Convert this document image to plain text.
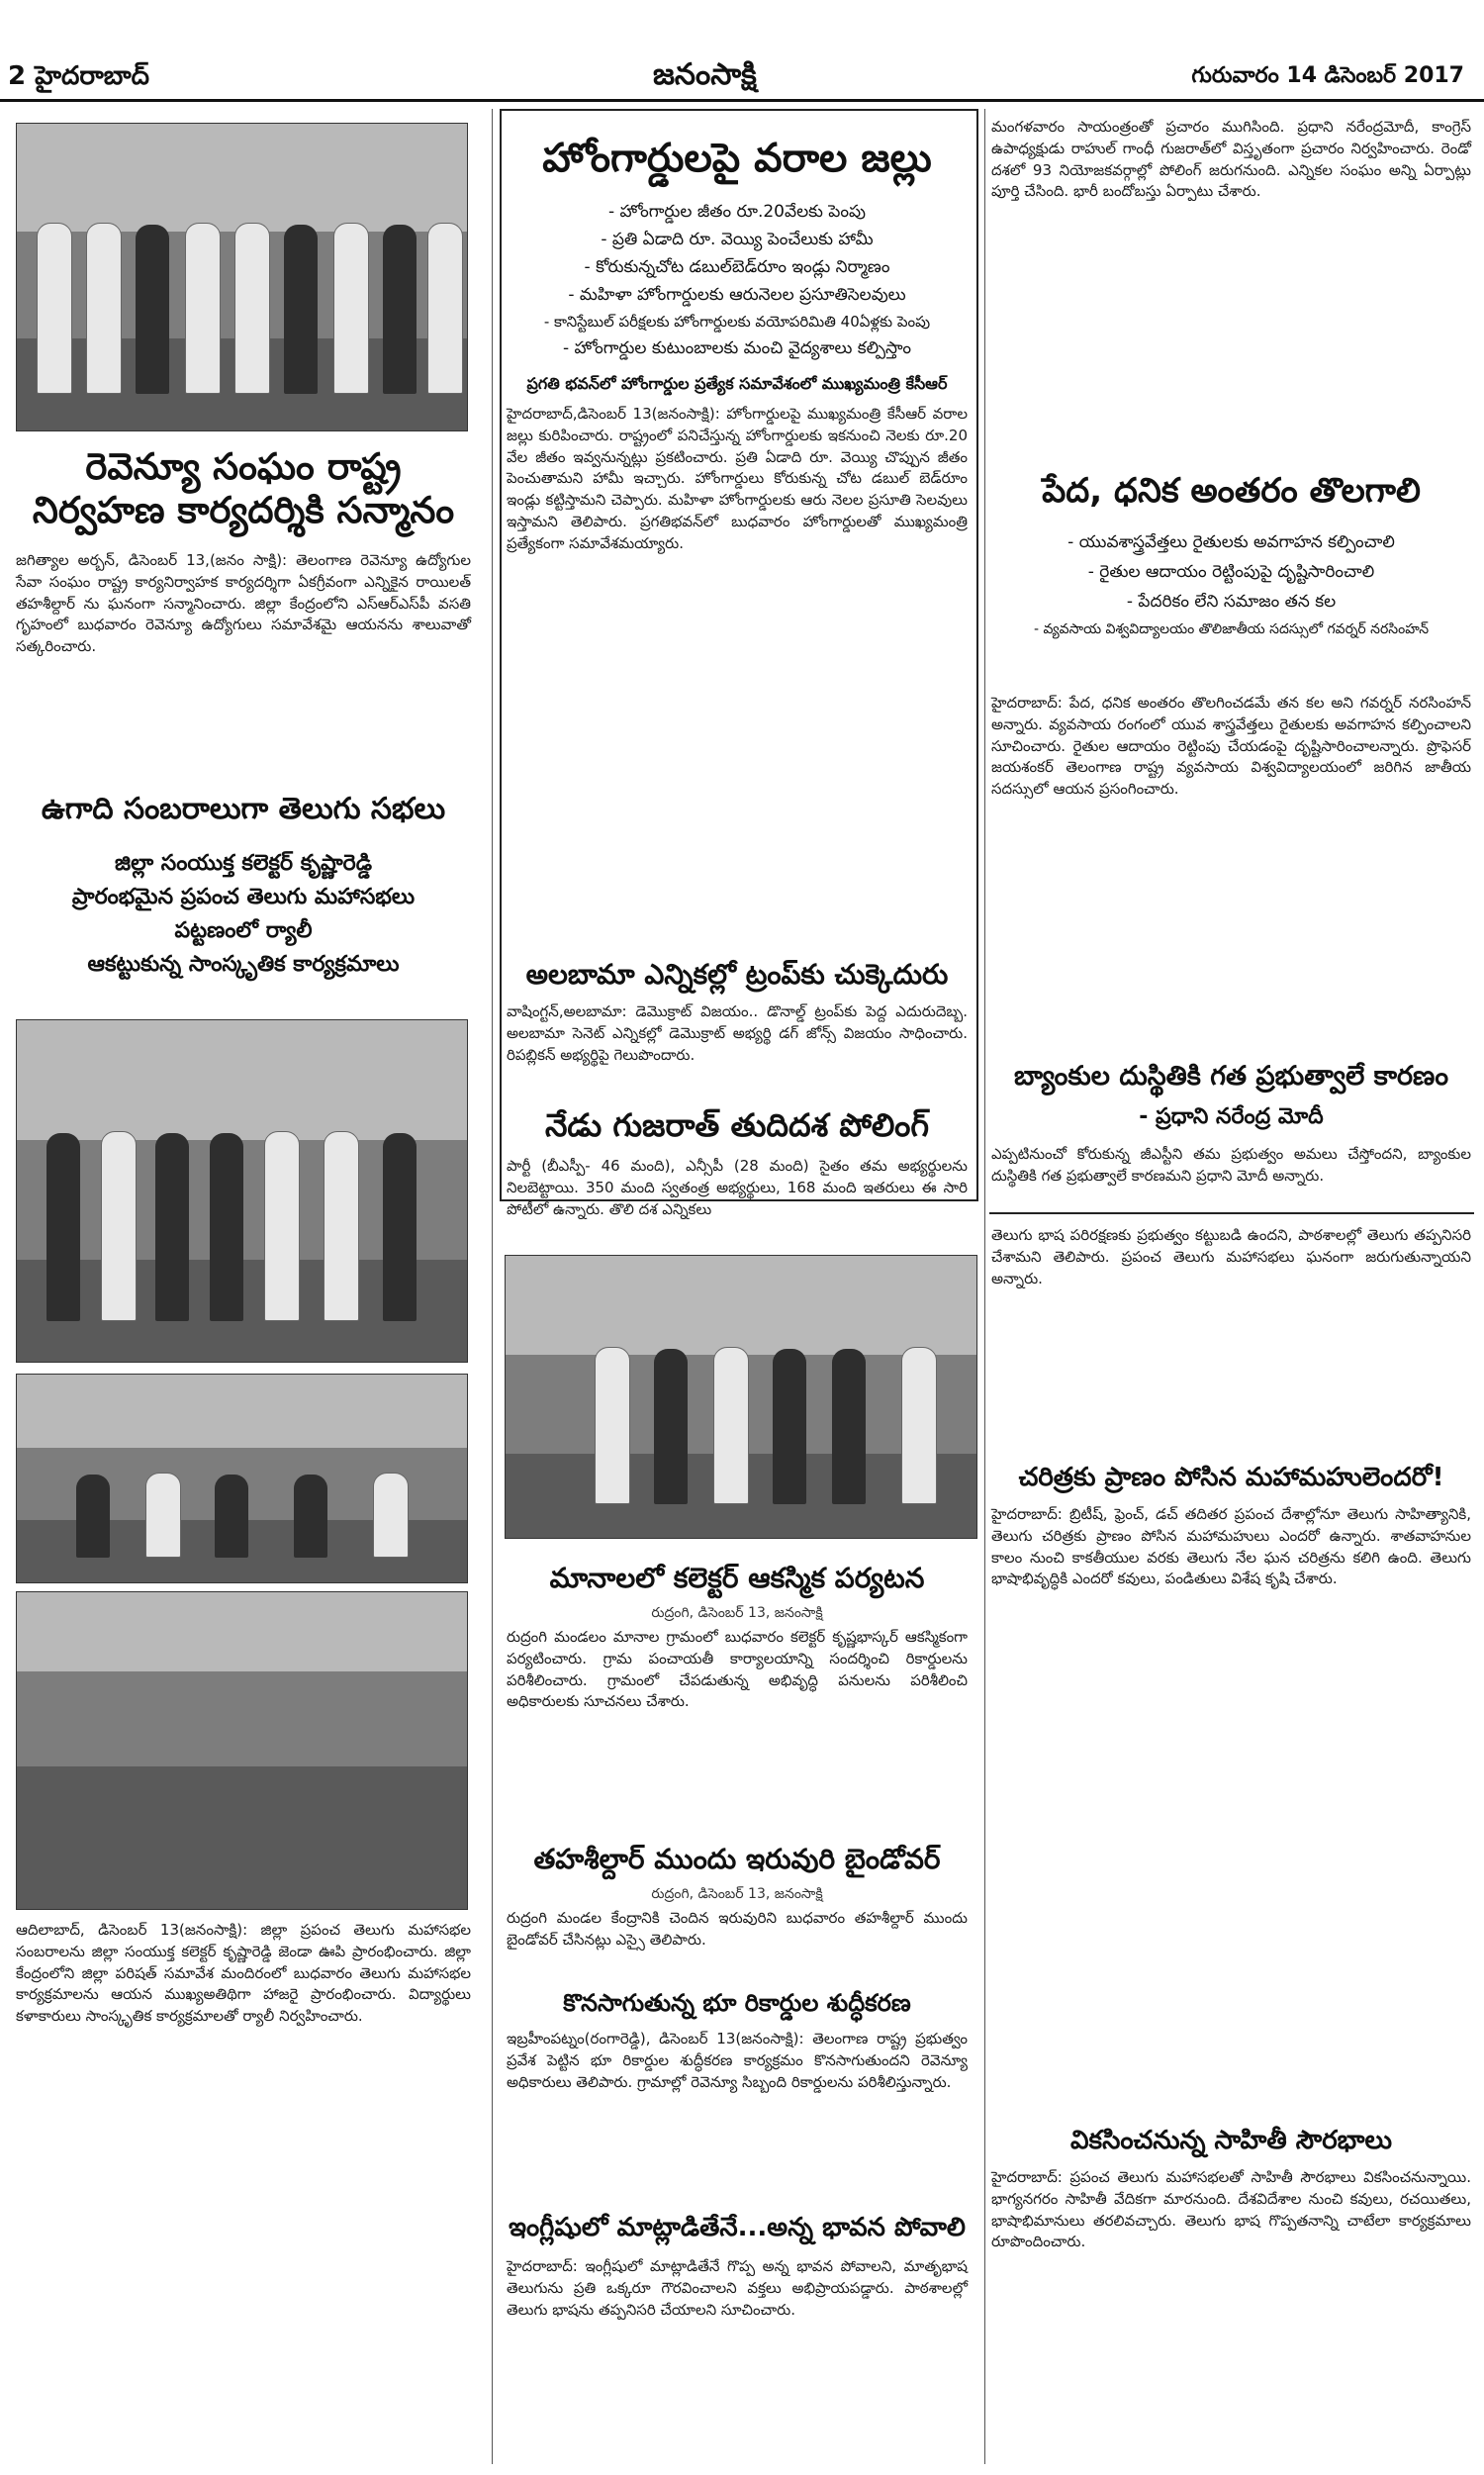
2 హైదరాబాద్	జనంసాక్షి	గురువారం 14 డిసెంబర్ 2017
రెవెన్యూ సంఘం రాష్ట్ర
నిర్వహణ కార్యదర్శికి సన్మానం
జగిత్యాల అర్బన్, డిసెంబర్ 13,(జనం సాక్షి): తెలంగాణ రెవెన్యూ ఉద్యోగుల సేవా సంఘం రాష్ట్ర కార్యనిర్వాహక కార్యదర్శిగా ఏకగ్రీవంగా ఎన్నికైన రాయిలత్ తహశీల్దార్ ను ఘనంగా సన్మానించారు. జిల్లా కేంద్రంలోని ఎస్‌ఆర్‌ఎస్‌పీ వసతి గృహంలో బుధవారం రెవెన్యూ ఉద్యోగులు సమావేశమై ఆయనను శాలువాతో సత్కరించారు.
ఉగాది సంబరాలుగా తెలుగు సభలు
జిల్లా సంయుక్త కలెక్టర్ కృష్ణారెడ్డి
ప్రారంభమైన ప్రపంచ తెలుగు మహాసభలు
పట్టణంలో ర్యాలీ
ఆకట్టుకున్న సాంస్కృతిక కార్యక్రమాలు
ఆదిలాబాద్, డిసెంబర్ 13(జనంసాక్షి): జిల్లా ప్రపంచ తెలుగు మహాసభల సంబరాలను జిల్లా సంయుక్త కలెక్టర్ కృష్ణారెడ్డి జెండా ఊపి ప్రారంభించారు. జిల్లా కేంద్రంలోని జిల్లా పరిషత్ సమావేశ మందిరంలో బుధవారం తెలుగు మహాసభల కార్యక్రమాలను ఆయన ముఖ్యఅతిథిగా హాజరై ప్రారంభించారు. విద్యార్థులు కళాకారులు సాంస్కృతిక కార్యక్రమాలతో ర్యాలీ నిర్వహించారు.
హోంగార్డులపై వరాల జల్లు
- హోంగార్డుల జీతం రూ.20వేలకు పెంపు
- ప్రతి ఏడాది రూ. వెయ్యి పెంచేలుకు హామీ
- కోరుకున్నచోట డబుల్‌బెడ్‌రూం ఇండ్లు నిర్మాణం
- మహిళా హోంగార్డులకు ఆరునెలల ప్రసూతిసెలవులు
- కానిస్టేబుల్ పరీక్షలకు హోంగార్డులకు వయోపరిమితి 40ఏళ్లకు పెంపు
- హోంగార్డుల కుటుంబాలకు మంచి వైద్యశాలు కల్పిస్తాం
ప్రగతి భవన్‌లో హోంగార్డుల ప్రత్యేక సమావేశంలో ముఖ్యమంత్రి కేసీఆర్
హైదరాబాద్,డిసెంబర్ 13(జనంసాక్షి): హోంగార్డులపై ముఖ్యమంత్రి కేసీఆర్ వరాల జల్లు కురిపించారు. రాష్ట్రంలో పనిచేస్తున్న హోంగార్డులకు ఇకనుంచి నెలకు రూ.20 వేల జీతం ఇవ్వనున్నట్లు ప్రకటించారు. ప్రతి ఏడాది రూ. వెయ్యి చొప్పున జీతం పెంచుతామని హామీ ఇచ్చారు. హోంగార్డులు కోరుకున్న చోట డబుల్ బెడ్‌రూం ఇండ్లు కట్టిస్తామని చెప్పారు. మహిళా హోంగార్డులకు ఆరు నెలల ప్రసూతి సెలవులు ఇస్తామని తెలిపారు. ప్రగతిభవన్‌లో బుధవారం హోంగార్డులతో ముఖ్యమంత్రి ప్రత్యేకంగా సమావేశమయ్యారు.
అలబామా ఎన్నికల్లో ట్రంప్‌కు చుక్కెదురు
వాషింగ్టన్,అలబామా: డెమొక్రాట్ విజయం.. డొనాల్డ్ ట్రంప్‌కు పెద్ద ఎదురుదెబ్బ. అలబామా సెనెట్ ఎన్నికల్లో డెమొక్రాట్ అభ్యర్థి డగ్ జోన్స్ విజయం సాధించారు. రిపబ్లికన్ అభ్యర్థిపై గెలుపొందారు.
నేడు గుజరాత్ తుదిదశ పోలింగ్
పార్టీ (బీఎస్పీ- 46 మంది), ఎన్సీపీ (28 మంది) సైతం తమ అభ్యర్థులను నిలబెట్టాయి. 350 మంది స్వతంత్ర అభ్యర్థులు, 168 మంది ఇతరులు ఈ సారి పోటీలో ఉన్నారు. తొలి దశ ఎన్నికలు
మానాలలో కలెక్టర్ ఆకస్మిక పర్యటన
రుద్రంగి, డిసెంబర్ 13, జనంసాక్షి
రుద్రంగి మండలం మానాల గ్రామంలో బుధవారం కలెక్టర్ కృష్ణభాస్కర్ ఆకస్మికంగా పర్యటించారు. గ్రామ పంచాయతీ కార్యాలయాన్ని సందర్శించి రికార్డులను పరిశీలించారు. గ్రామంలో చేపడుతున్న అభివృద్ధి పనులను పరిశీలించి అధికారులకు సూచనలు చేశారు.
తహశీల్దార్ ముందు ఇరువురి బైండోవర్
రుద్రంగి, డిసెంబర్ 13, జనంసాక్షి
రుద్రంగి మండల కేంద్రానికి చెందిన ఇరువురిని బుధవారం తహశీల్దార్ ముందు బైండోవర్ చేసినట్లు ఎస్సై తెలిపారు.
కొనసాగుతున్న భూ రికార్డుల శుద్ధీకరణ
ఇబ్రహీంపట్నం(రంగారెడ్డి), డిసెంబర్ 13(జనంసాక్షి): తెలంగాణ రాష్ట్ర ప్రభుత్వం ప్రవేశ పెట్టిన భూ రికార్డుల శుద్ధీకరణ కార్యక్రమం కొనసాగుతుందని రెవెన్యూ అధికారులు తెలిపారు. గ్రామాల్లో రెవెన్యూ సిబ్బంది రికార్డులను పరిశీలిస్తున్నారు.
ఇంగ్లీషులో మాట్లాడితేనే...అన్న భావన పోవాలి
హైదరాబాద్: ఇంగ్లీషులో మాట్లాడితేనే గొప్ప అన్న భావన పోవాలని, మాతృభాష తెలుగును ప్రతి ఒక్కరూ గౌరవించాలని వక్తలు అభిప్రాయపడ్డారు. పాఠశాలల్లో తెలుగు భాషను తప్పనిసరి చేయాలని సూచించారు.
మంగళవారం సాయంత్రంతో ప్రచారం ముగిసింది. ప్రధాని నరేంద్రమోదీ, కాంగ్రెస్ ఉపాధ్యక్షుడు రాహుల్ గాంధీ గుజరాత్‌లో విస్తృతంగా ప్రచారం నిర్వహించారు. రెండో దశలో 93 నియోజకవర్గాల్లో పోలింగ్ జరుగనుంది. ఎన్నికల సంఘం అన్ని ఏర్పాట్లు పూర్తి చేసింది. భారీ బందోబస్తు ఏర్పాటు చేశారు.
పేద, ధనిక అంతరం తొలగాలి
- యువశాస్త్రవేత్తలు రైతులకు అవగాహన కల్పించాలి
- రైతుల ఆదాయం రెట్టింపుపై దృష్టిసారించాలి
- పేదరికం లేని సమాజం తన కల
- వ్యవసాయ విశ్వవిద్యాలయం తొలిజాతీయ సదస్సులో గవర్నర్ నరసింహన్
హైదరాబాద్: పేద, ధనిక అంతరం తొలగించడమే తన కల అని గవర్నర్ నరసింహన్ అన్నారు. వ్యవసాయ రంగంలో యువ శాస్త్రవేత్తలు రైతులకు అవగాహన కల్పించాలని సూచించారు. రైతుల ఆదాయం రెట్టింపు చేయడంపై దృష్టిసారించాలన్నారు. ప్రొఫెసర్ జయశంకర్ తెలంగాణ రాష్ట్ర వ్యవసాయ విశ్వవిద్యాలయంలో జరిగిన జాతీయ సదస్సులో ఆయన ప్రసంగించారు.
బ్యాంకుల దుస్థితికి గత ప్రభుత్వాలే కారణం
- ప్రధాని నరేంద్ర మోదీ
ఎప్పటినుంచో కోరుకున్న జీఎస్టీని తమ ప్రభుత్వం అమలు చేస్తోందని, బ్యాంకుల దుస్థితికి గత ప్రభుత్వాలే కారణమని ప్రధాని మోదీ అన్నారు.
తెలుగు భాష పరిరక్షణకు ప్రభుత్వం కట్టుబడి ఉందని, పాఠశాలల్లో తెలుగు తప్పనిసరి చేశామని తెలిపారు. ప్రపంచ తెలుగు మహాసభలు ఘనంగా జరుగుతున్నాయని అన్నారు.
చరిత్రకు ప్రాణం పోసిన మహామహులెందరో!
హైదరాబాద్: బ్రిటీష్, ఫ్రెంచ్, డచ్ తదితర ప్రపంచ దేశాల్లోనూ తెలుగు సాహిత్యానికి, తెలుగు చరిత్రకు ప్రాణం పోసిన మహామహులు ఎందరో ఉన్నారు. శాతవాహనుల కాలం నుంచి కాకతీయుల వరకు తెలుగు నేల ఘన చరిత్రను కలిగి ఉంది. తెలుగు భాషాభివృద్ధికి ఎందరో కవులు, పండితులు విశేష కృషి చేశారు.
వికసించనున్న సాహితీ సౌరభాలు
హైదరాబాద్: ప్రపంచ తెలుగు మహాసభలతో సాహితీ సౌరభాలు వికసించనున్నాయి. భాగ్యనగరం సాహితీ వేదికగా మారనుంది. దేశవిదేశాల నుంచి కవులు, రచయితలు, భాషాభిమానులు తరలివచ్చారు. తెలుగు భాష గొప్పతనాన్ని చాటేలా కార్యక్రమాలు రూపొందించారు.
